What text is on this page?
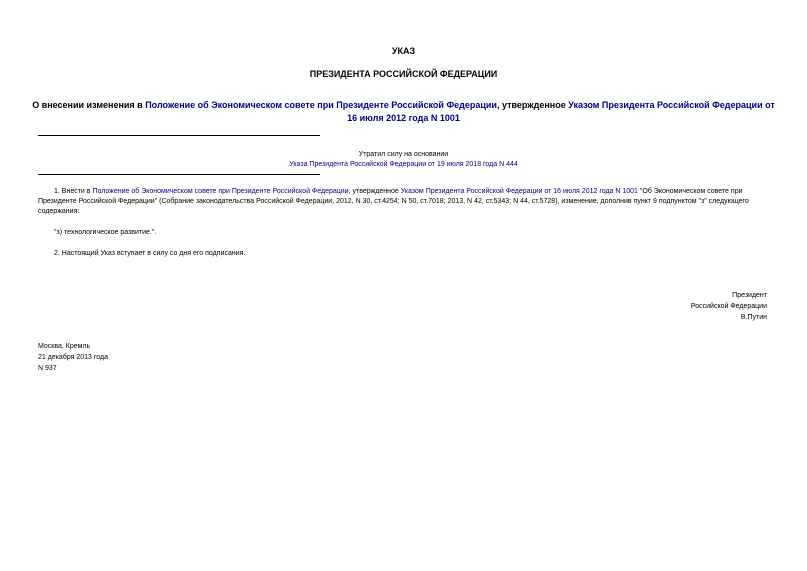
УКАЗ
ПРЕЗИДЕНТА РОССИЙСКОЙ ФЕДЕРАЦИИ
О внесении изменения в Положение об Экономическом совете при Президенте Российской Федерации, утвержденное Указом Президента Российской Федерации от 16 июля 2012 года N 1001
Утратил силу на основании
Указа Президента Российской Федерации от 19 июля 2018 года N 444
1. Внести в Положение об Экономическом совете при Президенте Российской Федерации, утвержденное Указом Президента Российской Федерации от 16 июля 2012 года N 1001 "Об Экономическом совете при Президенте Российской Федерации" (Собрание законодательства Российской Федерации, 2012, N 30, ст.4254; N 50, ст.7018; 2013, N 42, ст.5343; N 44, ст.5728), изменение, дополнив пункт 9 подпунктом "з" следующего содержания:
"з) технологическое развитие.".
2. Настоящий Указ вступает в силу со дня его подписания.
Президент
Российской Федерации
В.Путин
Москва, Кремль
21 декабря 2013 года
N 937
